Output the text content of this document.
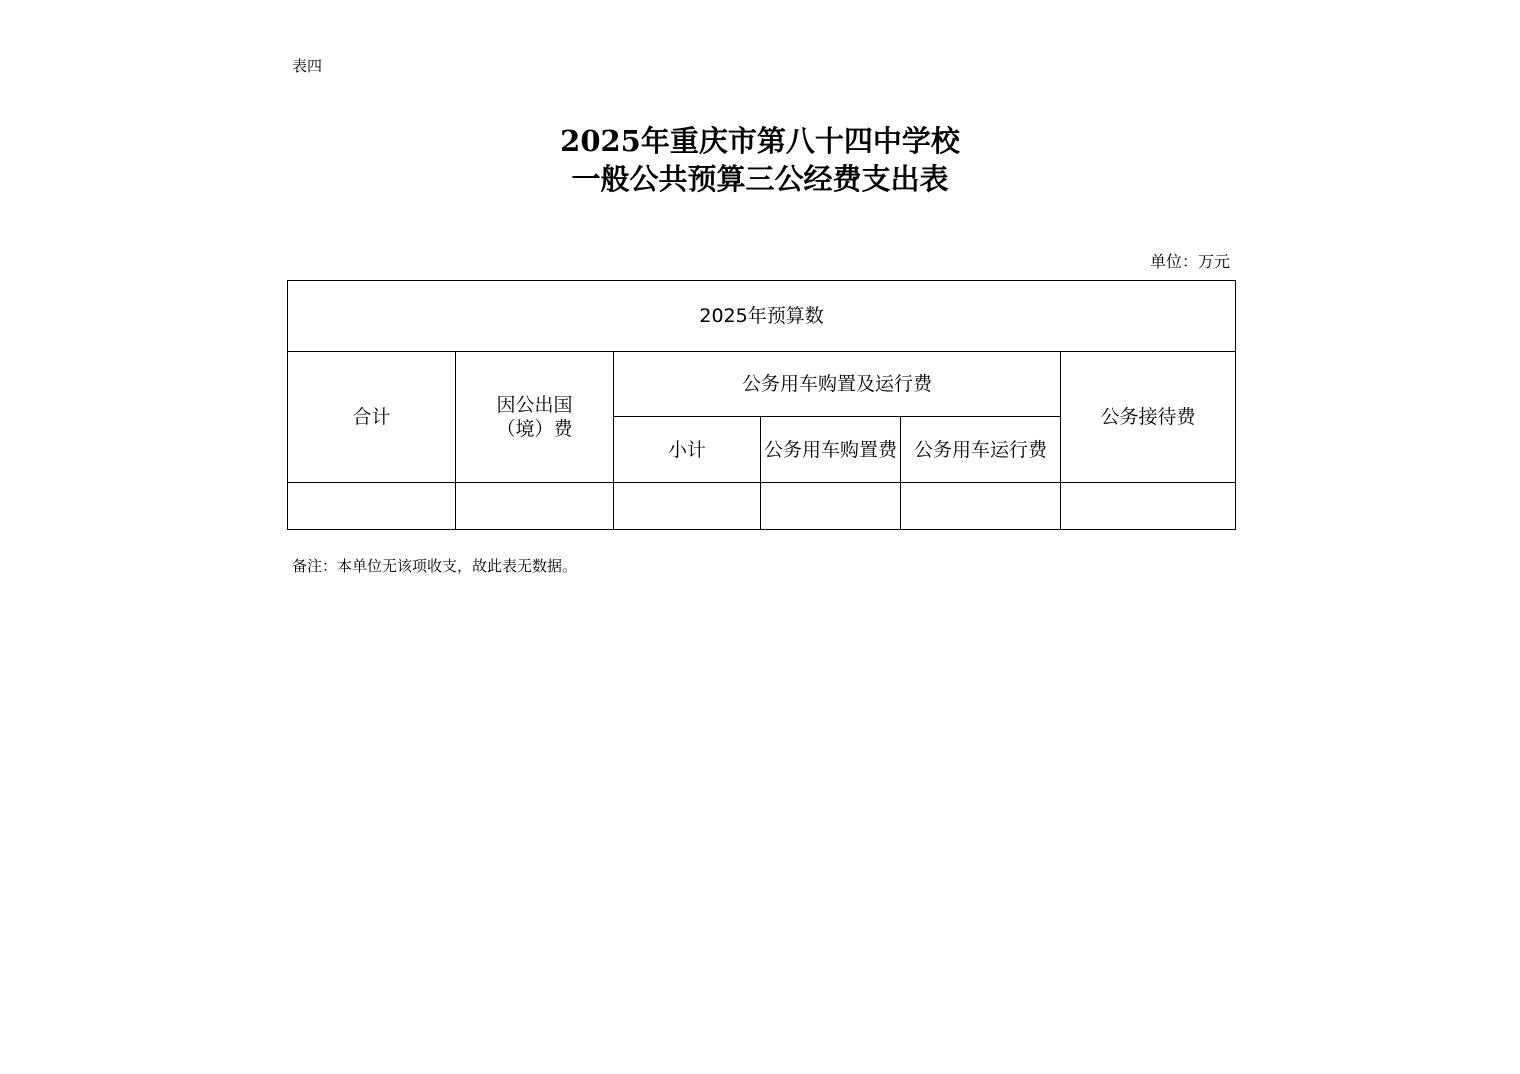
表四
2025年重庆市第八十四中学校
一般公共预算三公经费支出表
单位：万元
2025年预算数					
合计	因公出国（境）费	公务用车购置及运行费			公务接待费
		小计	公务用车购置费	公务用车运行费	

备注：本单位无该项收支，故此表无数据。
